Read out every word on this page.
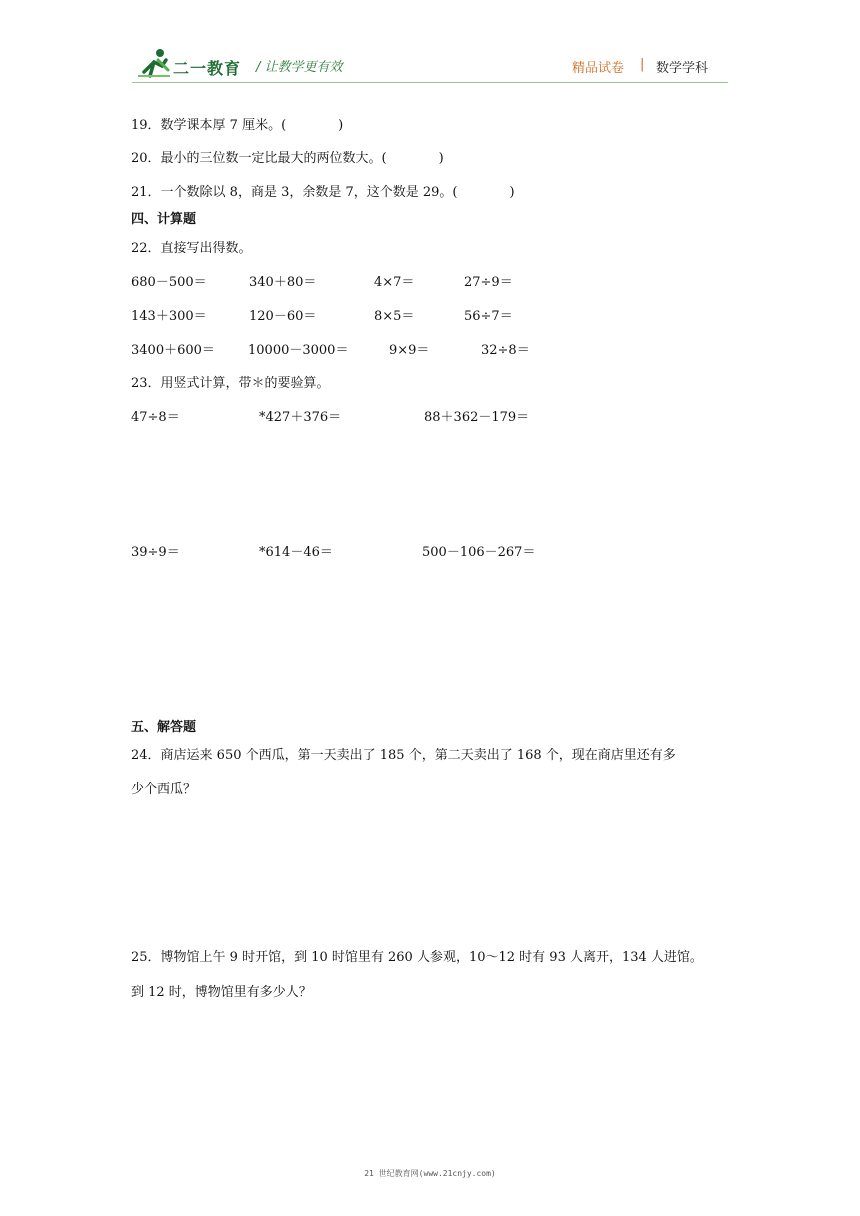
二一教育 / 让教学更有效	精品试卷 | 数学学科
19．数学课本厚 7 厘米。(　　　　)
20．最小的三位数一定比最大的两位数大。(　　　　)
21．一个数除以 8，商是 3，余数是 7，这个数是 29。(　　　　)
四、计算题
22．直接写出得数。
680－500＝	340＋80＝	4×7＝	27÷9＝
143＋300＝	120－60＝	8×5＝	56÷7＝
3400＋600＝	10000－3000＝	9×9＝	32÷8＝
23．用竖式计算，带＊的要验算。
47÷8＝	*427＋376＝	88＋362－179＝
39÷9＝	*614－46＝	500－106－267＝
五、解答题
24．商店运来 650 个西瓜，第一天卖出了 185 个，第二天卖出了 168 个，现在商店里还有多
少个西瓜？
25．博物馆上午 9 时开馆，到 10 时馆里有 260 人参观，10～12 时有 93 人离开，134 人进馆。
到 12 时，博物馆里有多少人？
21 世纪教育网(www.21cnjy.com)
